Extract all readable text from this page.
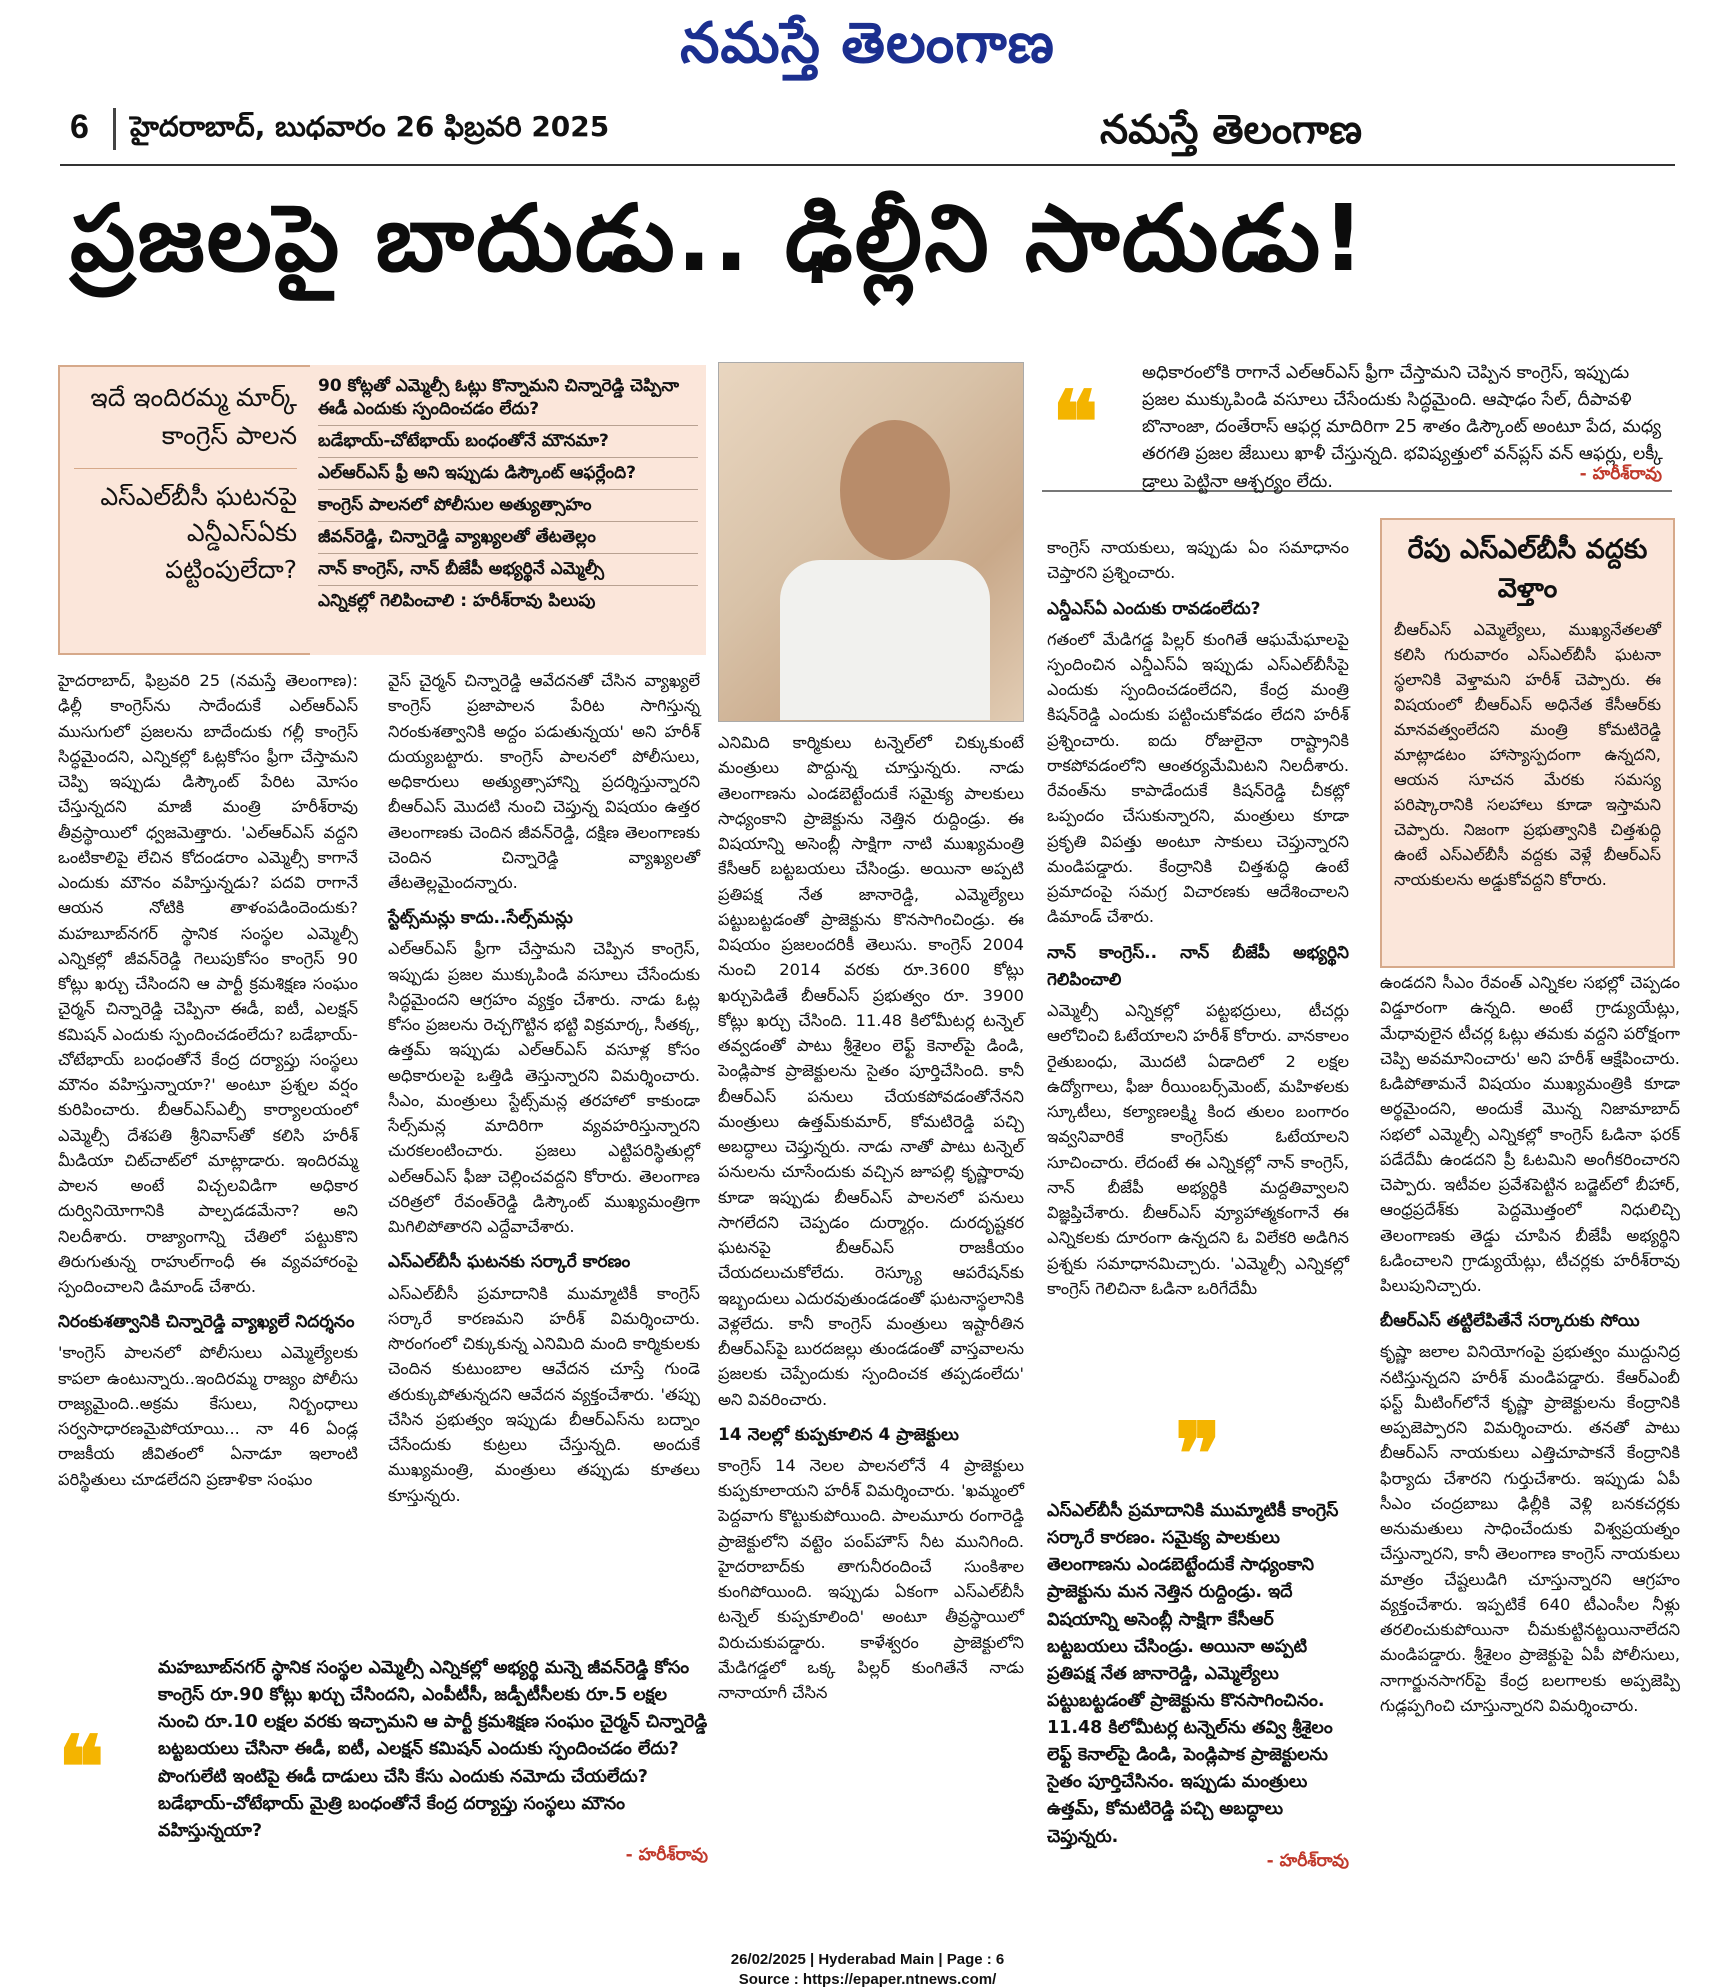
నమస్తే తెలంగాణ
6 హైదరాబాద్, బుధవారం 26 ఫిబ్రవరి 2025	నమస్తే తెలంగాణ
ప్రజలపై బాదుడు.. ఢిల్లీని సాదుడు!
ఇదే ఇందిరమ్మ మార్క్ కాంగ్రెస్ పాలన
ఎస్ఎల్‌బీసీ ఘటనపై ఎన్డీఎస్ఏకు పట్టింపులేదా?
90 కోట్లతో ఎమ్మెల్సీ ఓట్లు కొన్నామని చిన్నారెడ్డి చెప్పినా ఈడీ ఎందుకు స్పందించడం లేదు?
బడేభాయ్-చోటేభాయ్ బంధంతోనే మౌనమా?
ఎల్ఆర్ఎస్ ఫ్రీ అని ఇప్పుడు డిస్కౌంట్ ఆఫర్లేంది?
కాంగ్రెస్ పాలనలో పోలీసుల అత్యుత్సాహం
జీవన్‌రెడ్డి, చిన్నారెడ్డి వ్యాఖ్యలతో తేటతెల్లం
నాన్ కాంగ్రెస్, నాన్ బీజేపీ అభ్యర్థినే ఎమ్మెల్సీ
ఎన్నికల్లో గెలిపించాలి : హరీశ్‌రావు పిలుపు

హైదరాబాద్, ఫిబ్రవరి 25 (నమస్తే తెలంగాణ): ఢిల్లీ కాంగ్రెస్‌ను సాదేందుకే ఎల్ఆర్ఎస్ ముసుగులో ప్రజలను బాదేందుకు గల్లీ కాంగ్రెస్ సిద్ధమైందని, ఎన్నికల్లో ఓట్లకోసం ఫ్రీగా చేస్తామని చెప్పి ఇప్పుడు డిస్కౌంట్ పేరిట మోసం చేస్తున్నదని మాజీ మంత్రి హరీశ్‌రావు తీవ్రస్థాయిలో ధ్వజమెత్తారు. 'ఎల్ఆర్ఎస్ వద్దని ఒంటికాలిపై లేచిన కోదండరాం ఎమ్మెల్సీ కాగానే ఎందుకు మౌనం వహిస్తున్నడు? పదవి రాగానే ఆయన నోటికి తాళంపడిందెందుకు? మహబూబ్‌నగర్ స్థానిక సంస్థల ఎమ్మెల్సీ ఎన్నికల్లో జీవన్‌రెడ్డి గెలుపుకోసం కాంగ్రెస్ 90 కోట్లు ఖర్చు చేసిందని ఆ పార్టీ క్రమశిక్షణ సంఘం చైర్మన్ చిన్నారెడ్డి చెప్పినా ఈడీ, ఐటీ, ఎలక్షన్ కమిషన్ ఎందుకు స్పందించడంలేదు? బడేభాయ్-చోటేభాయ్ బంధంతోనే కేంద్ర దర్యాప్తు సంస్థలు మౌనం వహిస్తున్నాయా?' అంటూ ప్రశ్నల వర్షం కురిపించారు. బీఆర్ఎస్ఎల్పీ కార్యాలయంలో ఎమ్మెల్సీ దేశపతి శ్రీనివాస్‌తో కలిసి హరీశ్ మీడియా చిట్‌చాట్‌లో మాట్లాడారు. ఇందిరమ్మ పాలన అంటే విచ్చలవిడిగా అధికార దుర్వినియోగానికి పాల్పడడమేనా? అని నిలదీశారు. రాజ్యాంగాన్ని చేతిలో పట్టుకొని తిరుగుతున్న రాహుల్‌గాంధీ ఈ వ్యవహారంపై స్పందించాలని డిమాండ్ చేశారు.

నిరంకుశత్వానికి చిన్నారెడ్డి వ్యాఖ్యలే నిదర్శనం

'కాంగ్రెస్ పాలనలో పోలీసులు ఎమ్మెల్యేలకు కాపలా ఉంటున్నారు..ఇందిరమ్మ రాజ్యం పోలీసు రాజ్యమైంది..అక్రమ కేసులు, నిర్బంధాలు సర్వసాధారణమైపోయాయి... నా 46 ఏండ్ల రాజకీయ జీవితంలో ఏనాడూ ఇలాంటి పరిస్థితులు చూడలేదని ప్రణాళికా సంఘం

వైస్ చైర్మన్ చిన్నారెడ్డి ఆవేదనతో చేసిన వ్యాఖ్యలే కాంగ్రెస్ ప్రజాపాలన పేరిట సాగిస్తున్న నిరంకుశత్వానికి అద్దం పడుతున్నయ' అని హరీశ్ దుయ్యబట్టారు. కాంగ్రెస్ పాలనలో పోలీసులు, అధికారులు అత్యుత్సాహాన్ని ప్రదర్శిస్తున్నారని బీఆర్ఎస్ మొదటి నుంచి చెప్తున్న విషయం ఉత్తర తెలంగాణకు చెందిన జీవన్‌రెడ్డి, దక్షిణ తెలంగాణకు చెందిన చిన్నారెడ్డి వ్యాఖ్యలతో తేటతెల్లమైందన్నారు.

స్టేట్స్‌మన్లు కాదు..సేల్స్‌మన్లు

ఎల్ఆర్ఎస్ ఫ్రీగా చేస్తామని చెప్పిన కాంగ్రెస్, ఇప్పుడు ప్రజల ముక్కుపిండి వసూలు చేసేందుకు సిద్ధమైందని ఆగ్రహం వ్యక్తం చేశారు. నాడు ఓట్ల కోసం ప్రజలను రెచ్చగొట్టిన భట్టి విక్రమార్క, సీతక్క, ఉత్తమ్ ఇప్పుడు ఎల్ఆర్ఎస్ వసూళ్ల కోసం అధికారులపై ఒత్తిడి తెస్తున్నారని విమర్శించారు. సీఎం, మంత్రులు స్టేట్స్‌మన్ల తరహాలో కాకుండా సేల్స్‌మన్ల మాదిరిగా వ్యవహరిస్తున్నారని చురకలంటించారు. ప్రజలు ఎట్టిపరిస్థితుల్లో ఎల్ఆర్ఎస్ ఫీజు చెల్లించవద్దని కోరారు. తెలంగాణ చరిత్రలో రేవంత్‌రెడ్డి డిస్కౌంట్ ముఖ్యమంత్రిగా మిగిలిపోతారని ఎద్దేవాచేశారు.

ఎస్ఎల్‌బీసీ ఘటనకు సర్కారే కారణం

ఎస్ఎల్‌బీసీ ప్రమాదానికి ముమ్మాటికీ కాంగ్రెస్ సర్కారే కారణమని హరీశ్ విమర్శించారు. సొరంగంలో చిక్కుకున్న ఎనిమిది మంది కార్మికులకు చెందిన కుటుంబాల ఆవేదన చూస్తే గుండె తరుక్కుపోతున్నదని ఆవేదన వ్యక్తంచేశారు. 'తప్పు చేసిన ప్రభుత్వం ఇప్పుడు బీఆర్ఎస్‌ను బద్నాం చేసేందుకు కుట్రలు చేస్తున్నది. అందుకే ముఖ్యమంత్రి, మంత్రులు తప్పుడు కూతలు కూస్తున్నరు.

ఎనిమిది కార్మికులు టన్నెల్‌లో చిక్కుకుంటే మంత్రులు పొద్దున్న చూస్తున్నరు. నాడు తెలంగాణను ఎండబెట్టేందుకే సమైక్య పాలకులు సాధ్యంకాని ప్రాజెక్టును నెత్తిన రుద్దిండ్రు. ఈ విషయాన్ని అసెంబ్లీ సాక్షిగా నాటి ముఖ్యమంత్రి కేసీఆర్ బట్టబయలు చేసిండ్రు. అయినా అప్పటి ప్రతిపక్ష నేత జానారెడ్డి, ఎమ్మెల్యేలు పట్టుబట్టడంతో ప్రాజెక్టును కొనసాగించిండ్రు. ఈ విషయం ప్రజలందరికీ తెలుసు. కాంగ్రెస్ 2004 నుంచి 2014 వరకు రూ.3600 కోట్లు ఖర్చుపెడితే బీఆర్ఎస్ ప్రభుత్వం రూ. 3900 కోట్లు ఖర్చు చేసింది. 11.48 కిలోమీటర్ల టన్నెల్ తవ్వడంతో పాటు శ్రీశైలం లెఫ్ట్ కెనాల్‌పై డిండి, పెండ్లిపాక ప్రాజెక్టులను సైతం పూర్తిచేసింది. కానీ బీఆర్ఎస్ పనులు చేయకపోవడంతోనేనని మంత్రులు ఉత్తమ్‌కుమార్, కోమటిరెడ్డి పచ్చి అబద్ధాలు చెప్తున్నరు. నాడు నాతో పాటు టన్నెల్ పనులను చూసేందుకు వచ్చిన జూపల్లి కృష్ణారావు కూడా ఇప్పుడు బీఆర్ఎస్ పాలనలో పనులు సాగలేదని చెప్పడం దుర్మార్గం. దురదృష్టకర ఘటనపై బీఆర్ఎస్ రాజకీయం చేయదలుచుకోలేదు. రెస్క్యూ ఆపరేషన్‌కు ఇబ్బందులు ఎదురవుతుండడంతో ఘటనాస్థలానికి వెళ్లలేదు. కానీ కాంగ్రెస్ మంత్రులు ఇష్టారీతిన బీఆర్ఎస్‌పై బురదజల్లు తుండడంతో వాస్తవాలను ప్రజలకు చెప్పేందుకు స్పందించక తప్పడంలేదు' అని వివరించారు.

14 నెలల్లో కుప్పకూలిన 4 ప్రాజెక్టులు

కాంగ్రెస్ 14 నెలల పాలనలోనే 4 ప్రాజెక్టులు కుప్పకూలాయని హరీశ్ విమర్శించారు. 'ఖమ్మంలో పెద్దవాగు కొట్టుకుపోయింది. పాలమూరు రంగారెడ్డి ప్రాజెక్టులోని వట్టెం పంప్‌హౌస్ నీట మునిగింది. హైదరాబాద్‌కు తాగునీరందించే సుంకిశాల కుంగిపోయింది. ఇప్పుడు ఏకంగా ఎస్ఎల్‌బీసీ టన్నెల్ కుప్పకూలింది' అంటూ తీవ్రస్థాయిలో విరుచుకుపడ్డారు. కాళేశ్వరం ప్రాజెక్టులోని మేడిగడ్డలో ఒక్క పిల్లర్ కుంగితేనే నాడు నానాయాగీ చేసిన

❝ అధికారంలోకి రాగానే ఎల్ఆర్ఎస్ ఫ్రీగా చేస్తామని చెప్పిన కాంగ్రెస్, ఇప్పుడు ప్రజల ముక్కుపిండి వసూలు చేసేందుకు సిద్ధమైంది. ఆషాఢం సేల్, దీపావళి బొనాంజా, దంతేరాస్ ఆఫర్ల మాదిరిగా 25 శాతం డిస్కౌంట్ అంటూ పేద, మధ్య తరగతి ప్రజల జేబులు ఖాళీ చేస్తున్నది. భవిష్యత్తులో వన్‌ప్లస్ వన్ ఆఫర్లు, లక్కీ డ్రాలు పెట్టినా ఆశ్చర్యం లేదు.	- హరీశ్‌రావు

కాంగ్రెస్ నాయకులు, ఇప్పుడు ఏం సమాధానం చెప్తారని ప్రశ్నించారు.

ఎన్డీఎస్ఏ ఎందుకు రావడంలేదు?

గతంలో మేడిగడ్డ పిల్లర్ కుంగితే ఆఘమేఘాలపై స్పందించిన ఎన్డీఎస్ఏ ఇప్పుడు ఎస్ఎల్‌బీసీపై ఎందుకు స్పందించడంలేదని, కేంద్ర మంత్రి కిషన్‌రెడ్డి ఎందుకు పట్టించుకోవడం లేదని హరీశ్ ప్రశ్నించారు. ఐదు రోజులైనా రాష్ట్రానికి రాకపోవడంలోని ఆంతర్యమేమిటని నిలదీశారు. రేవంత్‌ను కాపాడేందుకే కిషన్‌రెడ్డి చీకట్లో ఒప్పందం చేసుకున్నారని, మంత్రులు కూడా ప్రకృతి విపత్తు అంటూ సాకులు చెప్తున్నారని మండిపడ్డారు. కేంద్రానికి చిత్తశుద్ధి ఉంటే ప్రమాదంపై సమగ్ర విచారణకు ఆదేశించాలని డిమాండ్ చేశారు.

నాన్ కాంగ్రెస్.. నాన్ బీజేపీ అభ్యర్థిని గెలిపించాలి

ఎమ్మెల్సీ ఎన్నికల్లో పట్టభద్రులు, టీచర్లు ఆలోచించి ఓటేయాలని హరీశ్ కోరారు. వానకాలం రైతుబంధు, మొదటి ఏడాదిలో 2 లక్షల ఉద్యోగాలు, ఫీజు రీయింబర్స్‌మెంట్, మహిళలకు స్కూటీలు, కల్యాణలక్ష్మి కింద తులం బంగారం ఇవ్వనివారికే కాంగ్రెస్‌కు ఓటేయాలని సూచించారు. లేదంటే ఈ ఎన్నికల్లో నాన్ కాంగ్రెస్, నాన్ బీజేపీ అభ్యర్థికి మద్దతివ్వాలని విజ్ఞప్తిచేశారు. బీఆర్ఎస్ వ్యూహాత్మకంగానే ఈ ఎన్నికలకు దూరంగా ఉన్నదని ఓ విలేకరి అడిగిన ప్రశ్నకు సమాధానమిచ్చారు. 'ఎమ్మెల్సీ ఎన్నికల్లో కాంగ్రెస్ గెలిచినా ఓడినా ఒరిగేదేమీ

❞
ఎస్ఎల్‌బీసీ ప్రమాదానికి ముమ్మాటికీ కాంగ్రెస్ సర్కారే కారణం. సమైక్య పాలకులు తెలంగాణను ఎండబెట్టేందుకే సాధ్యంకాని ప్రాజెక్టును మన నెత్తిన రుద్దిండ్రు. ఇదే విషయాన్ని అసెంబ్లీ సాక్షిగా కేసీఆర్ బట్టబయలు చేసిండ్రు. అయినా అప్పటి ప్రతిపక్ష నేత జానారెడ్డి, ఎమ్మెల్యేలు పట్టుబట్టడంతో ప్రాజెక్టును కొనసాగించినం. 11.48 కిలోమీటర్ల టన్నెల్‌ను తవ్వి శ్రీశైలం లెఫ్ట్ కెనాల్‌పై డిండి, పెండ్లిపాక ప్రాజెక్టులను సైతం పూర్తిచేసినం. ఇప్పుడు మంత్రులు ఉత్తమ్, కోమటిరెడ్డి పచ్చి అబద్ధాలు చెప్తున్నరు.
- హరీశ్‌రావు
రేపు ఎస్ఎల్‌బీసీ వద్దకు వెళ్తాం
బీఆర్ఎస్ ఎమ్మెల్యేలు, ముఖ్యనేతలతో కలిసి గురువారం ఎస్ఎల్‌బీసీ ఘటనా స్థలానికి వెళ్తామని హరీశ్ చెప్పారు. ఈ విషయంలో బీఆర్ఎస్ అధినేత కేసీఆర్‌కు మానవత్వంలేదని మంత్రి కోమటిరెడ్డి మాట్లాడటం హాస్యాస్పదంగా ఉన్నదని, ఆయన సూచన మేరకు సమస్య పరిష్కారానికి సలహాలు కూడా ఇస్తామని చెప్పారు. నిజంగా ప్రభుత్వానికి చిత్తశుద్ధి ఉంటే ఎస్ఎల్‌బీసీ వద్దకు వెళ్లే బీఆర్ఎస్ నాయకులను అడ్డుకోవద్దని కోరారు.

ఉండదని సీఎం రేవంత్ ఎన్నికల సభల్లో చెప్పడం విడ్డూరంగా ఉన్నది. అంటే గ్రాడ్యుయేట్లు, మేధావులైన టీచర్ల ఓట్లు తమకు వద్దని పరోక్షంగా చెప్పి అవమానించారు' అని హరీశ్ ఆక్షేపించారు. ఓడిపోతామనే విషయం ముఖ్యమంత్రికి కూడా అర్థమైందని, అందుకే మొన్న నిజామాబాద్ సభలో ఎమ్మెల్సీ ఎన్నికల్లో కాంగ్రెస్ ఓడినా ఫరక్ పడేదేమీ ఉండదని ప్రీ ఓటమిని అంగీకరించారని చెప్పారు. ఇటీవల ప్రవేశపెట్టిన బడ్జెట్‌లో బీహార్, ఆంధ్రప్రదేశ్‌కు పెద్దమొత్తంలో నిధులిచ్చి తెలంగాణకు తెడ్డు చూపిన బీజేపీ అభ్యర్థిని ఓడించాలని గ్రాడ్యుయేట్లు, టీచర్లకు హరీశ్‌రావు పిలుపునిచ్చారు.

బీఆర్ఎస్ తట్టిలేపితేనే సర్కారుకు సోయి

కృష్ణా జలాల వినియోగంపై ప్రభుత్వం ముద్దునిద్ర నటిస్తున్నదని హరీశ్ మండిపడ్డారు. కేఆర్ఎంబీ ఫస్ట్ మీటింగ్‌లోనే కృష్ణా ప్రాజెక్టులను కేంద్రానికి అప్పజెప్పారని విమర్శించారు. తనతో పాటు బీఆర్ఎస్ నాయకులు ఎత్తిచూపాకనే కేంద్రానికి ఫిర్యాదు చేశారని గుర్తుచేశారు. ఇప్పుడు ఏపీ సీఎం చంద్రబాబు ఢిల్లీకి వెళ్లి బనకచర్లకు అనుమతులు సాధించేందుకు విశ్వప్రయత్నం చేస్తున్నారని, కానీ తెలంగాణ కాంగ్రెస్ నాయకులు మాత్రం చేష్టలుడిగి చూస్తున్నారని ఆగ్రహం వ్యక్తంచేశారు. ఇప్పటికే 640 టీఎంసీల నీళ్లు తరలించుకుపోయినా చీమకుట్టినట్టయినాలేదని మండిపడ్డారు. శ్రీశైలం ప్రాజెక్టుపై ఏపీ పోలీసులు, నాగార్జునసాగర్‌పై కేంద్ర బలగాలకు అప్పజెప్పి గుడ్లప్పగించి చూస్తున్నారని విమర్శించారు.

❝
మహబూబ్‌నగర్ స్థానిక సంస్థల ఎమ్మెల్సీ ఎన్నికల్లో అభ్యర్థి మన్నె జీవన్‌రెడ్డి కోసం కాంగ్రెస్ రూ.90 కోట్లు ఖర్చు చేసిందని, ఎంపీటీసీ, జడ్పీటీసీలకు రూ.5 లక్షల నుంచి రూ.10 లక్షల వరకు ఇచ్చామని ఆ పార్టీ క్రమశిక్షణ సంఘం చైర్మన్ చిన్నారెడ్డి బట్టబయలు చేసినా ఈడీ, ఐటీ, ఎలక్షన్ కమిషన్ ఎందుకు స్పందించడం లేదు? పొంగులేటి ఇంటిపై ఈడీ దాడులు చేసి కేసు ఎందుకు నమోదు చేయలేదు? బడేభాయ్-చోటేభాయ్ మైత్రి బంధంతోనే కేంద్ర దర్యాప్తు సంస్థలు మౌనం వహిస్తున్నయా?
- హరీశ్‌రావు
26/02/2025 | Hyderabad Main | Page : 6
Source : https://epaper.ntnews.com/
